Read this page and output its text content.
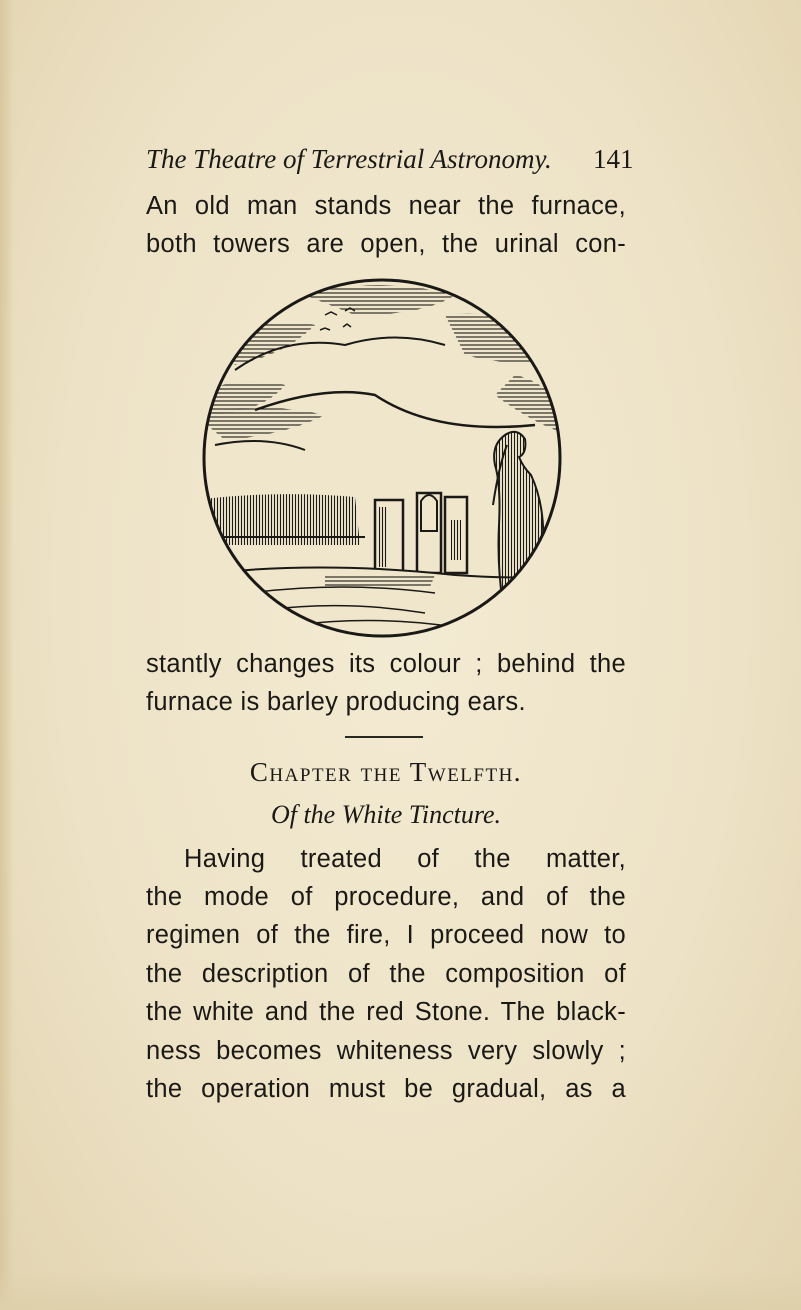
The Theatre of Terrestrial Astronomy.	141
An old man stands near the furnace,
both towers are open, the urinal con-
stantly changes its colour ; behind the
furnace is barley producing ears.
Chapter the Twelfth.
Of the White Tincture.
Having treated of the matter,
the mode of procedure, and of the
regimen of the fire, I proceed now to
the description of the composition of
the white and the red Stone. The black-
ness becomes whiteness very slowly ;
the operation must be gradual, as a
